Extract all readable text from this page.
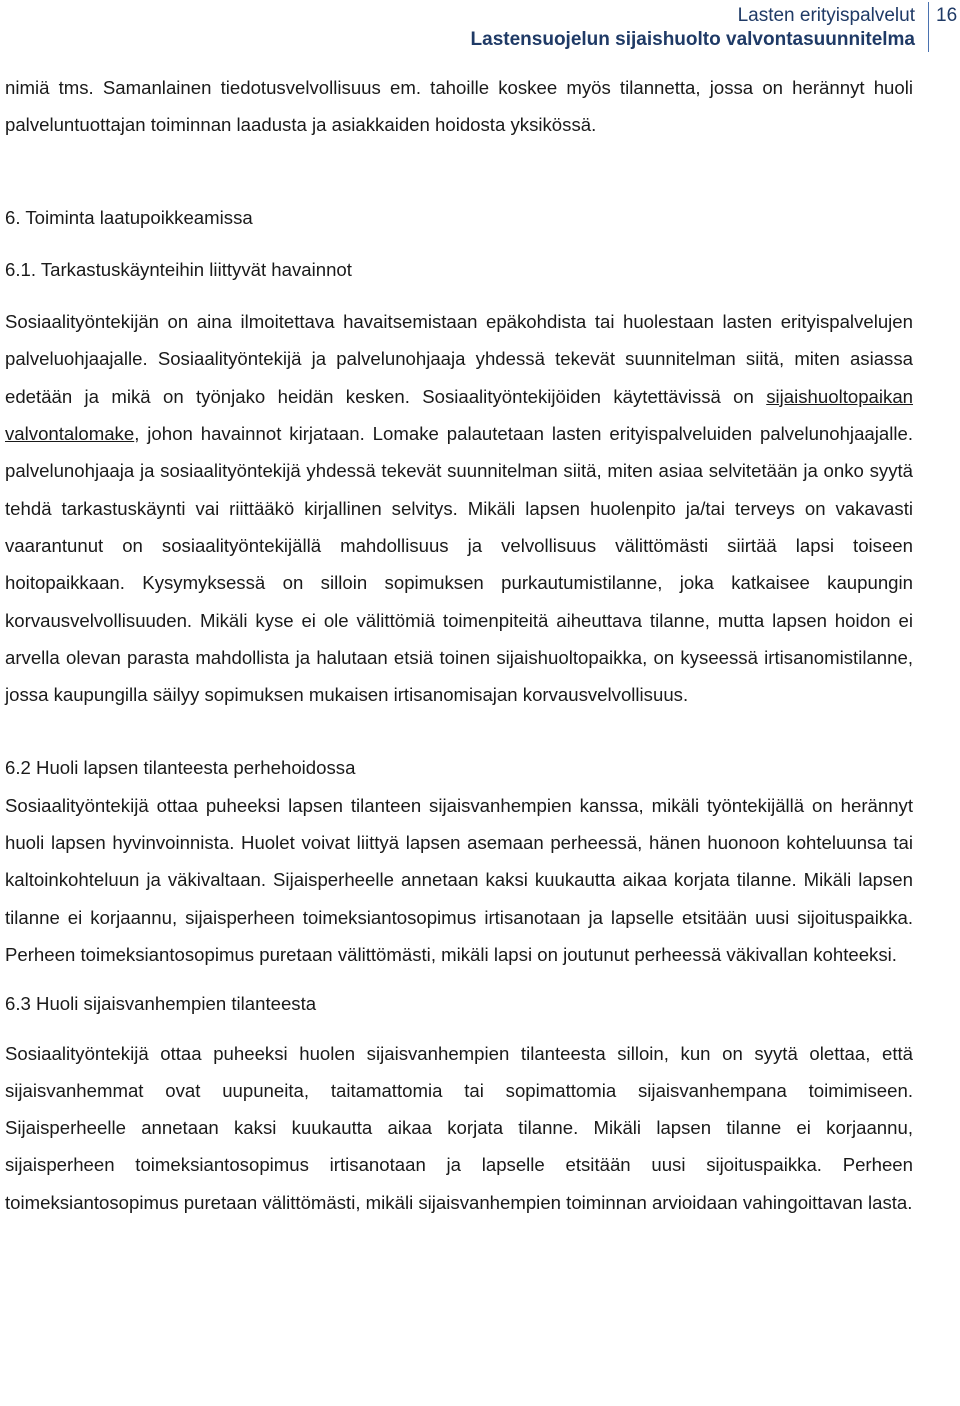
Lasten erityispalvelut
Lastensuojelun sijaishuolto valvontasuunnitelma
16

nimiä tms. Samanlainen tiedotusvelvollisuus em. tahoille koskee myös tilannetta, jossa on herännyt huoli palveluntuottajan toiminnan laadusta ja asiakkaiden hoidosta yksikössä.

6. Toiminta laatupoikkeamissa

6.1. Tarkastuskäynteihin liittyvät havainnot

Sosiaalityöntekijän on aina ilmoitettava havaitsemistaan epäkohdista tai huolestaan lasten erityispalvelujen palveluohjaajalle. Sosiaalityöntekijä ja palvelunohjaaja yhdessä tekevät suunnitelman siitä, miten asiassa edetään ja mikä on työnjako heidän kesken. Sosiaalityöntekijöiden käytettävissä on sijaishuoltopaikan valvontalomake, johon havainnot kirjataan. Lomake palautetaan lasten erityispalveluiden palvelunohjaajalle. palvelunohjaaja ja sosiaalityöntekijä yhdessä tekevät suunnitelman siitä, miten asiaa selvitetään ja onko syytä tehdä tarkastuskäynti vai riittääkö kirjallinen selvitys. Mikäli lapsen huolenpito ja/tai terveys on vakavasti vaarantunut on sosiaalityöntekijällä mahdollisuus ja velvollisuus välittömästi siirtää lapsi toiseen hoitopaikkaan. Kysymyksessä on silloin sopimuksen purkautumistilanne, joka katkaisee kaupungin korvausvelvollisuuden. Mikäli kyse ei ole välittömiä toimenpiteitä aiheuttava tilanne, mutta lapsen hoidon ei arvella olevan parasta mahdollista ja halutaan etsiä toinen sijaishuoltopaikka, on kyseessä irtisanomistilanne, jossa kaupungilla säilyy sopimuksen mukaisen irtisanomisajan korvausvelvollisuus.

6.2 Huoli lapsen tilanteesta perhehoidossa

Sosiaalityöntekijä ottaa puheeksi lapsen tilanteen sijaisvanhempien kanssa, mikäli työntekijällä on herännyt huoli lapsen hyvinvoinnista. Huolet voivat liittyä lapsen asemaan perheessä, hänen huonoon kohteluunsa tai kaltoinkohteluun ja väkivaltaan. Sijaisperheelle annetaan kaksi kuukautta aikaa korjata tilanne. Mikäli lapsen tilanne ei korjaannu, sijaisperheen toimeksiantosopimus irtisanotaan ja lapselle etsitään uusi sijoituspaikka. Perheen toimeksiantosopimus puretaan välittömästi, mikäli lapsi on joutunut perheessä väkivallan kohteeksi.

6.3 Huoli sijaisvanhempien tilanteesta

Sosiaalityöntekijä ottaa puheeksi huolen sijaisvanhempien tilanteesta silloin, kun on syytä olettaa, että sijaisvanhemmat ovat uupuneita, taitamattomia tai sopimattomia sijaisvanhempana toimimiseen. Sijaisperheelle annetaan kaksi kuukautta aikaa korjata tilanne. Mikäli lapsen tilanne ei korjaannu, sijaisperheen toimeksiantosopimus irtisanotaan ja lapselle etsitään uusi sijoituspaikka. Perheen toimeksiantosopimus puretaan välittömästi, mikäli sijaisvanhempien toiminnan arvioidaan vahingoittavan lasta.
